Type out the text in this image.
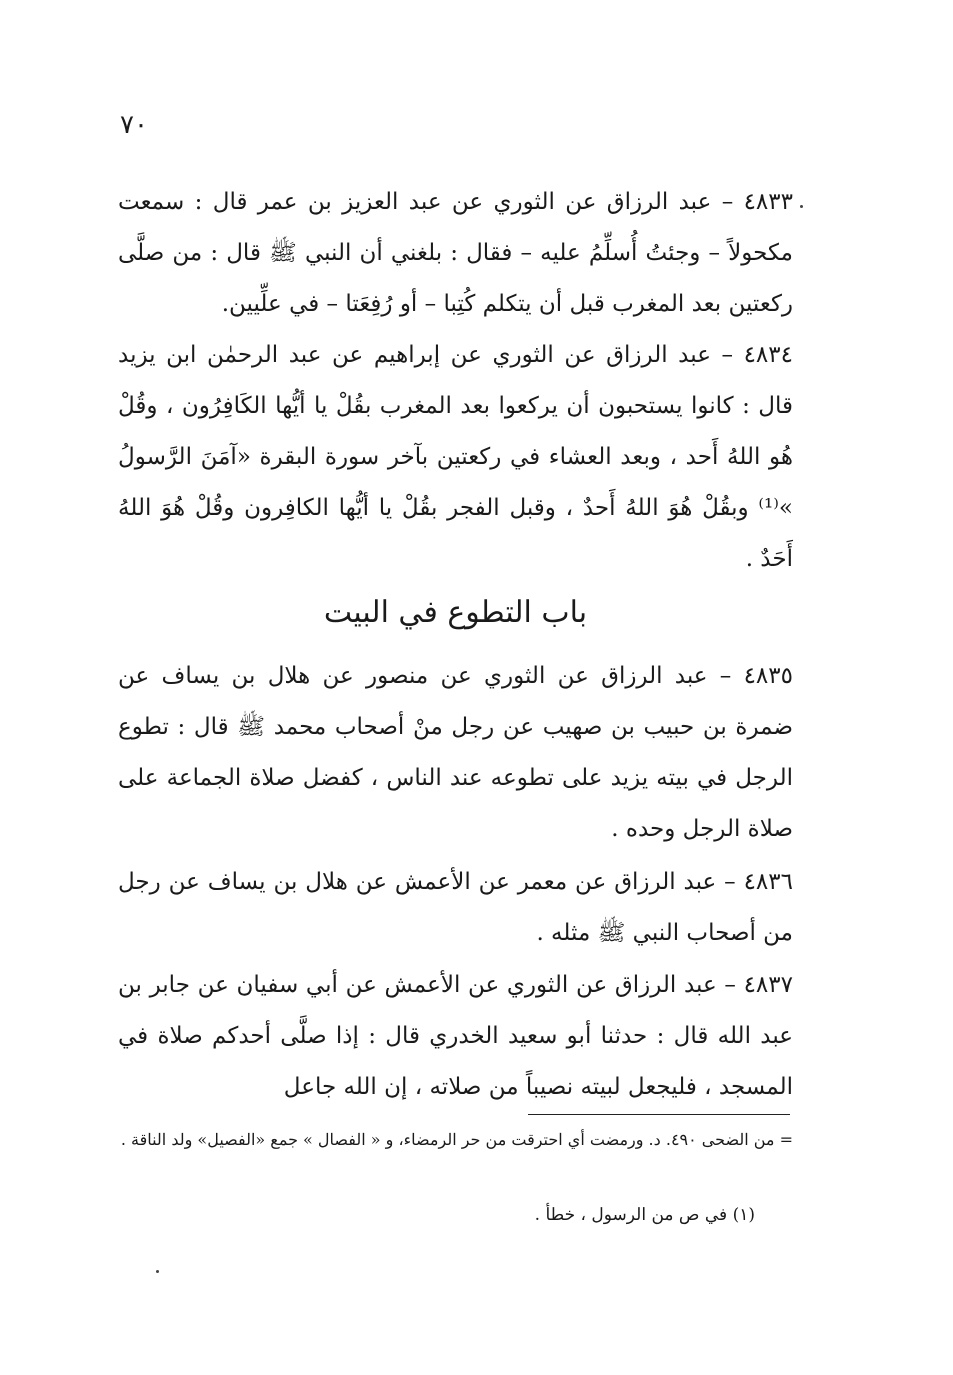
٧٠

٤٨٣٣ – عبد الرزاق عن الثوري عن عبد العزيز بن عمر قال : سمعت مكحولاً – وجئتُ أُسلِّمُ عليه – فقال : بلغني أن النبي ﷺ قال : من صلَّى ركعتين بعد المغرب قبل أن يتكلم كُتِبا – أو رُفِعَتا – في علِّيين.

٤٨٣٤ – عبد الرزاق عن الثوري عن إبراهيم عن عبد الرحمٰن ابن يزيد قال : كانوا يستحبون أن يركعوا بعد المغرب بقُلْ يا أيُّها الكَافِرُون ، وقُلْ هُو اللهُ أَحد ، وبعد العشاء في ركعتين بآخر سورة البقرة «آمَنَ الرَّسولُ »⁽¹⁾ وبقُلْ هُوَ اللهُ أَحدٌ ، وقبل الفجر بقُلْ يا أيُّها الكافِرون وقُلْ هُوَ اللهُ أَحَدٌ .

باب التطوع في البيت

٤٨٣٥ – عبد الرزاق عن الثوري عن منصور عن هلال بن يساف عن ضمرة بن حبيب بن صهيب عن رجل منْ أصحاب محمد ﷺ قال : تطوع الرجل في بيته يزيد على تطوعه عند الناس ، كفضل صلاة الجماعة على صلاة الرجل وحده .

٤٨٣٦ – عبد الرزاق عن معمر عن الأعمش عن هلال بن يساف عن رجل من أصحاب النبي ﷺ مثله .

٤٨٣٧ – عبد الرزاق عن الثوري عن الأعمش عن أبي سفيان عن جابر بن عبد الله قال : حدثنا أبو سعيد الخدري قال : إذا صلَّى أحدكم صلاة في المسجد ، فليجعل لبيته نصيباً من صلاته ، إن الله جاعل

= من الضحى ٤٩٠. د. ورمضت أي احترقت من حر الرمضاء، و « الفصال » جمع «الفصيل» ولد الناقة .
(١) في ص من الرسول ، خطأ .
